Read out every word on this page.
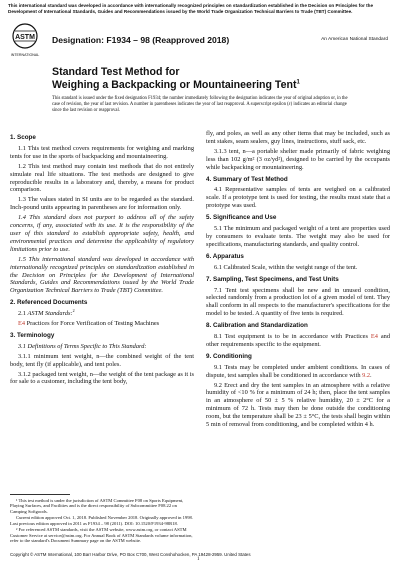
This international standard was developed in accordance with internationally recognized principles on standardization established in the Decision on Principles for the Development of International Standards, Guides and Recommendations issued by the World Trade Organization Technical Barriers to Trade (TBT) Committee.
ASTM
INTERNATIONAL
Designation: F1934 – 98 (Reapproved 2018)	An American National Standard
Standard Test Method for
Weighing a Backpacking or Mountaineering Tent$^1$
This standard is issued under the fixed designation F1934; the number immediately following the designation indicates the year of original adoption or, in the case of revision, the year of last revision. A number in parentheses indicates the year of last reapproval. A superscript epsilon (ε) indicates an editorial change since the last revision or reapproval.
1. Scope

1.1 This test method covers requirements for weighing and marking tents for use in the sports of backpacking and mountaineering.

1.2 This test method may contain test methods that do not entirely simulate real life situations. The test methods are designed to give reproducible results in a laboratory and, thereby, a means for product comparison.

1.3 The values stated in SI units are to be regarded as the standard. Inch-pound units appearing in parentheses are for information only.

1.4 This standard does not purport to address all of the safety concerns, if any, associated with its use. It is the responsibility of the user of this standard to establish appropriate safety, health, and environmental practices and determine the applicability of regulatory limitations prior to use.

1.5 This international standard was developed in accordance with internationally recognized principles on standardization established in the Decision on Principles for the Development of International Standards, Guides and Recommendations issued by the World Trade Organization Technical Barriers to Trade (TBT) Committee.

2. Referenced Documents

2.1 ASTM Standards:$^2$

E4 Practices for Force Verification of Testing Machines

3. Terminology

3.1 Definitions of Terms Specific to This Standard:

3.1.1 minimum tent weight, n—the combined weight of the tent body, tent fly (if applicable), and tent poles.

3.1.2 packaged tent weight, n—the weight of the tent package as it is for sale to a customer, including the tent body,

fly, and poles, as well as any other items that may be included, such as tent stakes, seam sealers, guy lines, instructions, stuff sack, etc.

3.1.3 tent, n—a portable shelter made primarily of fabric weighing less than 102 g/m² (3 oz/yd²), designed to be carried by the occupants while backpacking or mountaineering.

4. Summary of Test Method

4.1 Representative samples of tents are weighed on a calibrated scale. If a prototype tent is used for testing, the results must state that a prototype was used.

5. Significance and Use

5.1 The minimum and packaged weight of a tent are properties used by consumers to evaluate tents. The weight may also be used for specifications, manufacturing standards, and quality control.

6. Apparatus

6.1 Calibrated Scale, within the weight range of the tent.

7. Sampling, Test Specimens, and Test Units

7.1 Tent test specimens shall be new and in unused condition, selected randomly from a production lot of a given model of tent. They shall conform in all respects to the manufacturer's specifications for the model to be tested. A quantity of five tents is required.

8. Calibration and Standardization

8.1 Test equipment is to be in accordance with Practices E4 and other requirements specific to the equipment.

9. Conditioning

9.1 Tests may be completed under ambient conditions. In cases of dispute, test samples shall be conditioned in accordance with 9.2.

9.2 Erect and dry the tent samples in an atmosphere with a relative humidity of <10 % for a minimum of 24 h; then, place the tent samples in an atmosphere of 50 ± 5 % relative humidity, 20 ± 2°C for a minimum of 72 h. Tests may then be done outside the conditioning room, but the temperature shall be 23 ± 5°C, the tests shall begin within 5 min of removal from conditioning, and be completed within 4 h.

¹ This test method is under the jurisdiction of ASTM Committee F08 on Sports Equipment, Playing Surfaces, and Facilities and is the direct responsibility of Subcommittee F08.22 on Camping Softgoods.

Current edition approved Oct. 1, 2018. Published November 2018. Originally approved in 1998. Last previous edition approved in 2011 as F1934 – 98 (2011). DOI: 10.1520/F1934-98R18.

² For referenced ASTM standards, visit the ASTM website, www.astm.org, or contact ASTM Customer Service at service@astm.org. For Annual Book of ASTM Standards volume information, refer to the standard's Document Summary page on the ASTM website.

Copyright © ASTM International, 100 Barr Harbor Drive, PO Box C700, West Conshohocken, PA 19428-2959. United States
1
